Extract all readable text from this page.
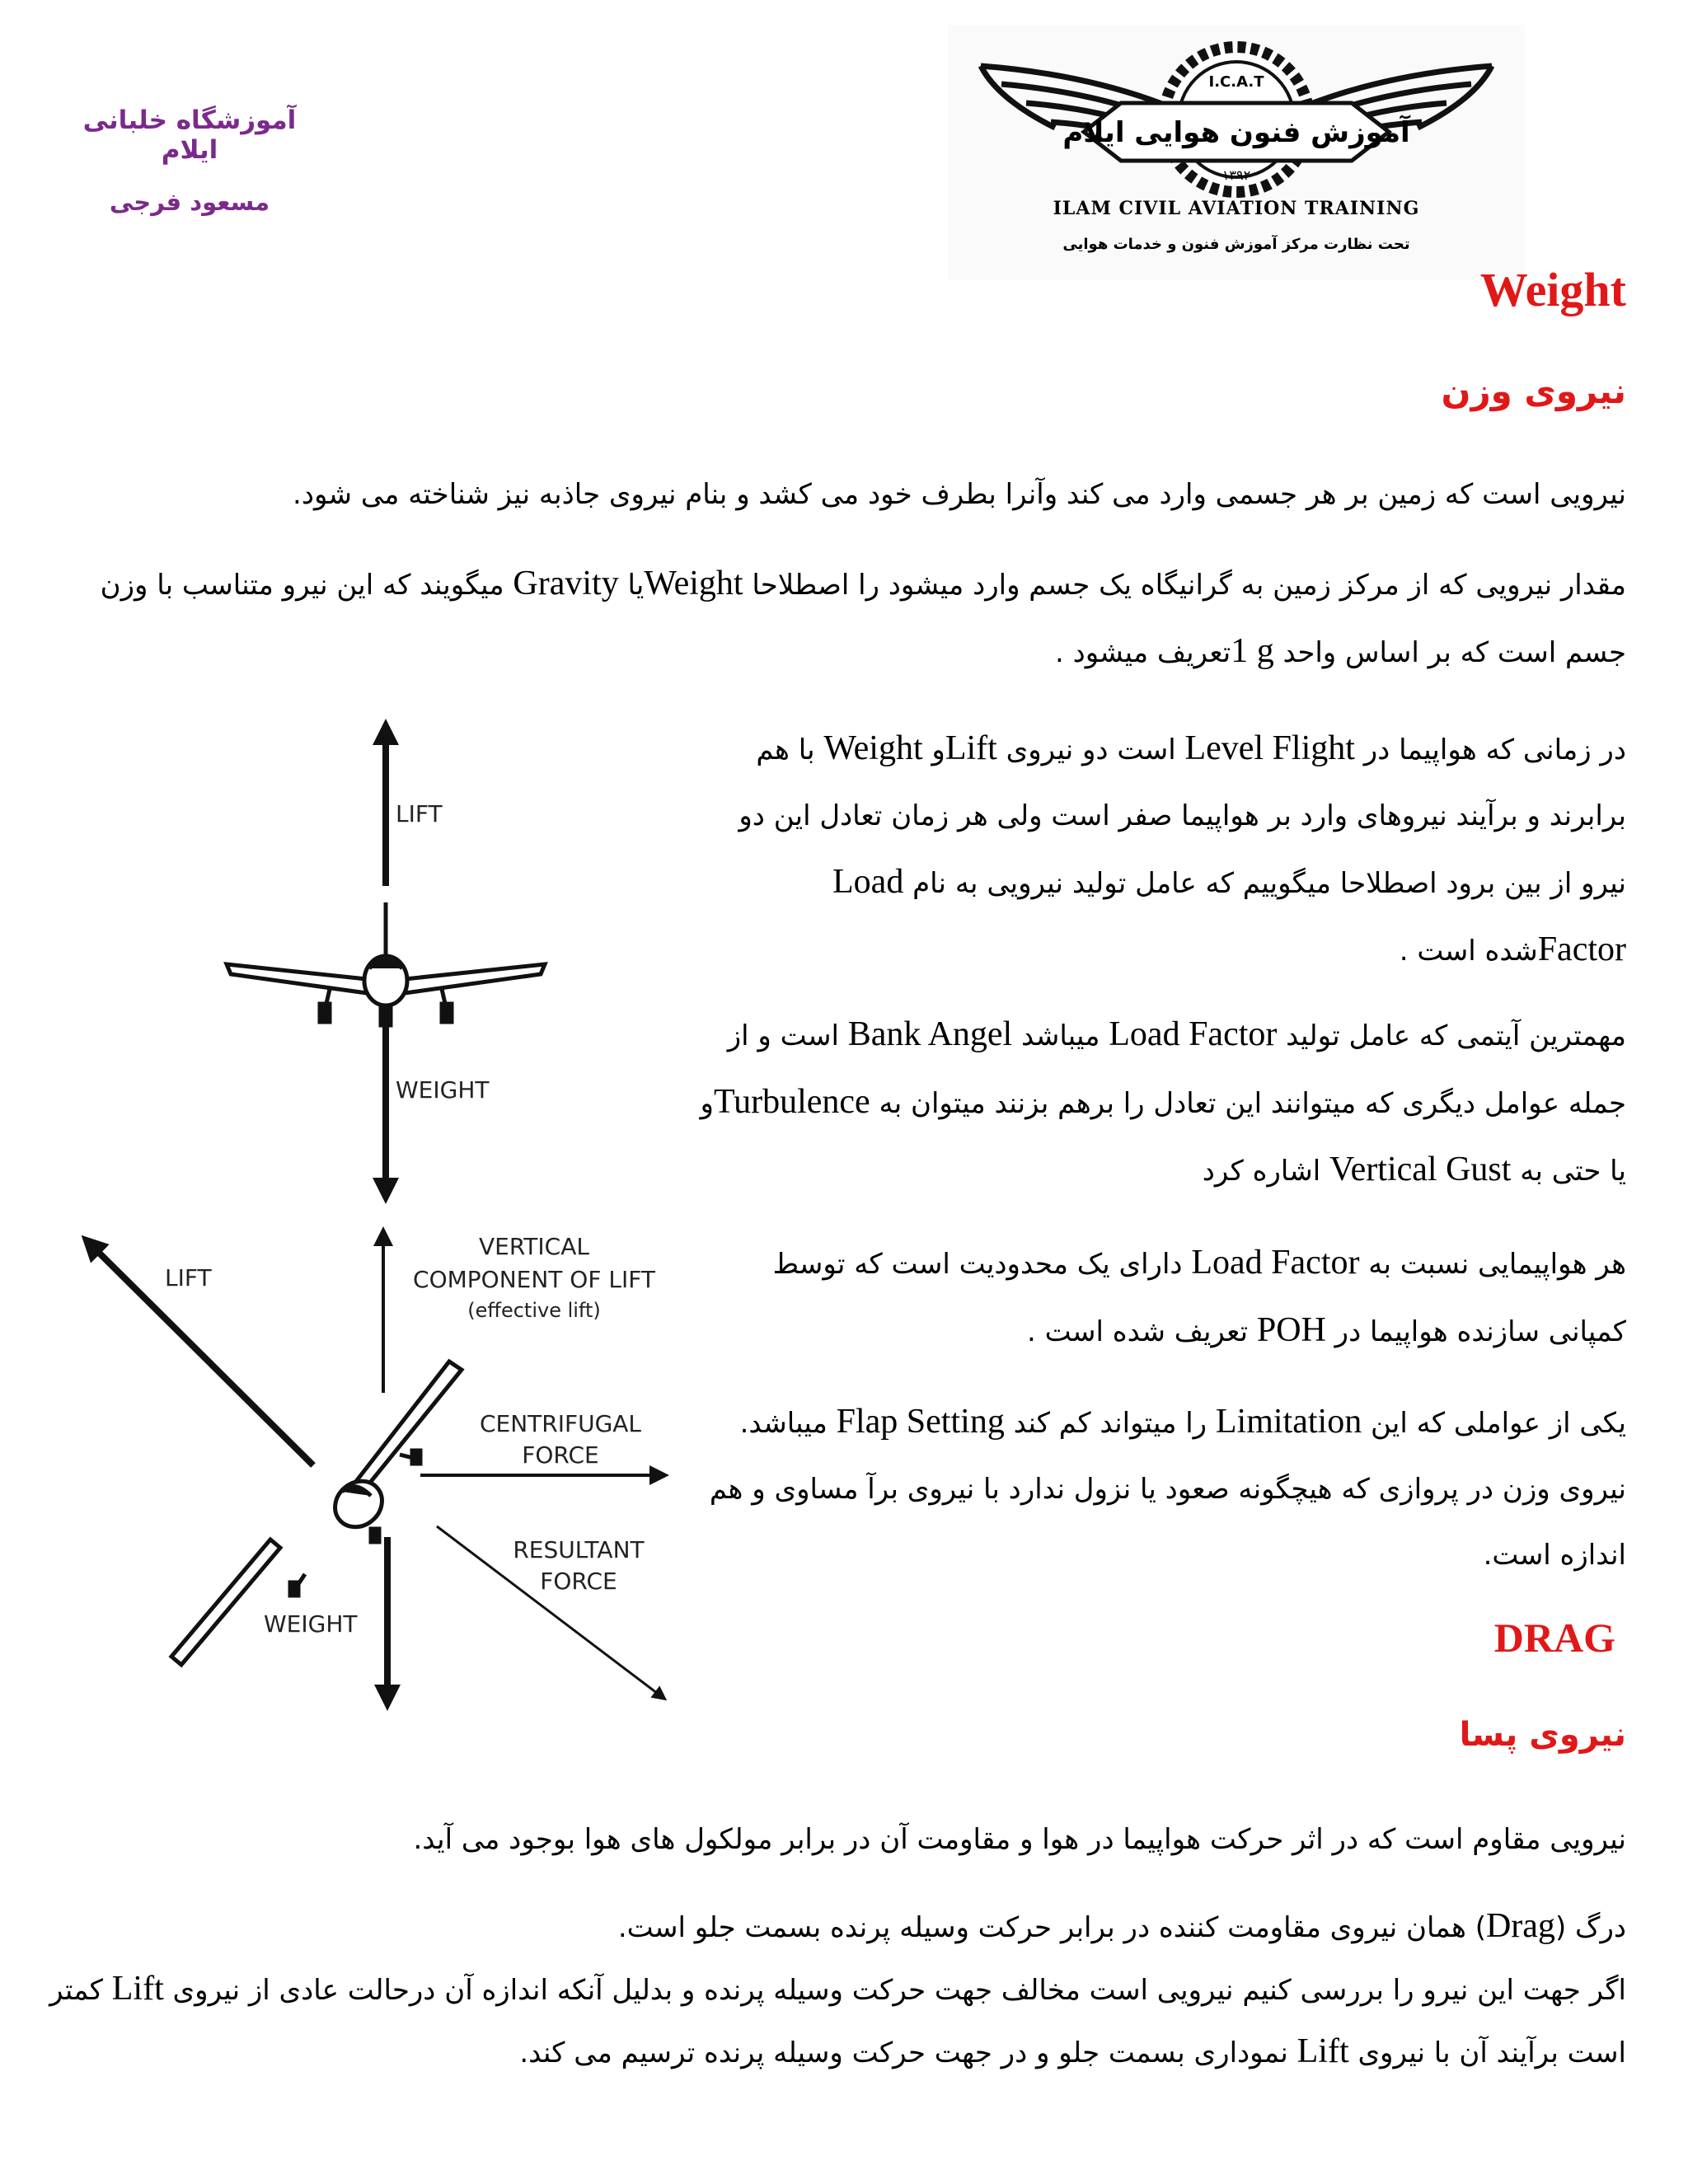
آموزشگاه خلبانی ایلام
مسعود فرجی
I.C.A.T
آموزش فنون هوایی ایلام
۱۳۹۲
ILAM CIVIL AVIATION TRAINING
تحت نظارت مرکز آموزش فنون و خدمات هوایی
Weight
نیروی وزن
نیرویی است که زمین بر هر جسمی وارد می کند وآنرا بطرف خود می کشد و بنام نیروی جاذبه نیز شناخته می شود.
مقدار نیرویی که از مرکز زمین به گرانیگاه یک جسم وارد میشود را اصطلاحا Weightیا Gravity میگویند که این نیرو متناسب با وزن جسم است که بر اساس واحد 1 gتعریف میشود .
در زمانی که هواپیما در Level Flight است دو نیروی Liftو Weight با هم برابرند و برآیند نیروهای وارد بر هواپیما صفر است ولی هر زمان تعادل این دو نیرو از بین برود اصطلاحا میگوییم که عامل تولید نیرویی به نام Load Factorشده است .
مهمترین آیتمی که عامل تولید Load Factor میباشد Bank Angel است و از جمله عوامل دیگری که میتوانند این تعادل را برهم بزنند میتوان به Turbulenceو یا حتی به Vertical Gust اشاره کرد
هر هواپیمایی نسبت به Load Factor دارای یک محدودیت است که توسط کمپانی سازنده هواپیما در POH تعریف شده است .
یکی از عواملی که این Limitation را میتواند کم کند Flap Setting میباشد. نیروی وزن در پروازی که هیچگونه صعود یا نزول ندارد با نیروی برآ مساوی و هم اندازه است.
LIFT
WEIGHT
LIFT
VERTICAL
COMPONENT OF LIFT
(effective lift)
CENTRIFUGAL
FORCE
RESULTANT
FORCE
WEIGHT	DRAG
نیروی پسا
نیرویی مقاوم است که در اثر حرکت هواپیما در هوا و مقاومت آن در برابر مولکول های هوا بوجود می آید.
درگ (Drag) همان نیروی مقاومت کننده در برابر حرکت وسیله پرنده بسمت جلو است.
اگر جهت این نیرو را بررسی کنیم نیرویی است مخالف جهت حرکت وسیله پرنده و بدلیل آنکه اندازه آن درحالت عادی از نیروی Lift کمتر است برآیند آن با نیروی Lift نموداری بسمت جلو و در جهت حرکت وسیله پرنده ترسیم می کند.
